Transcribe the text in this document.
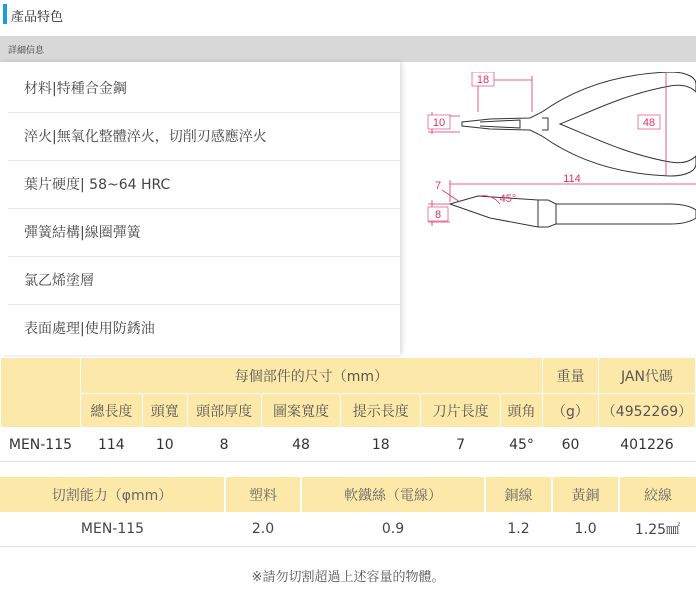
產品特色
詳細信息
材料|特種合金鋼
淬火|無氧化整體淬火，切削刃感應淬火
葉片硬度| 58~64 HRC
彈簧結構|線圈彈簧
氯乙烯塗層
表面處理|使用防銹油
18
10	48
114
7
45°
8
	每個部件的尺寸（mm）							重量	JAN代碼
	總長度	頭寬	頭部厚度	圖案寬度	提示長度	刀片長度	頭角	（g）	（4952269）
MEN-115	114	10	8	48	18	7	45°	60	401226
切割能力（φmm）	塑料	軟鐵絲（電線）	銅線	黃銅	絞線
MEN-115	2.0	0.9	1.2	1.0	1.25㎟
※請勿切割超過上述容量的物體。
